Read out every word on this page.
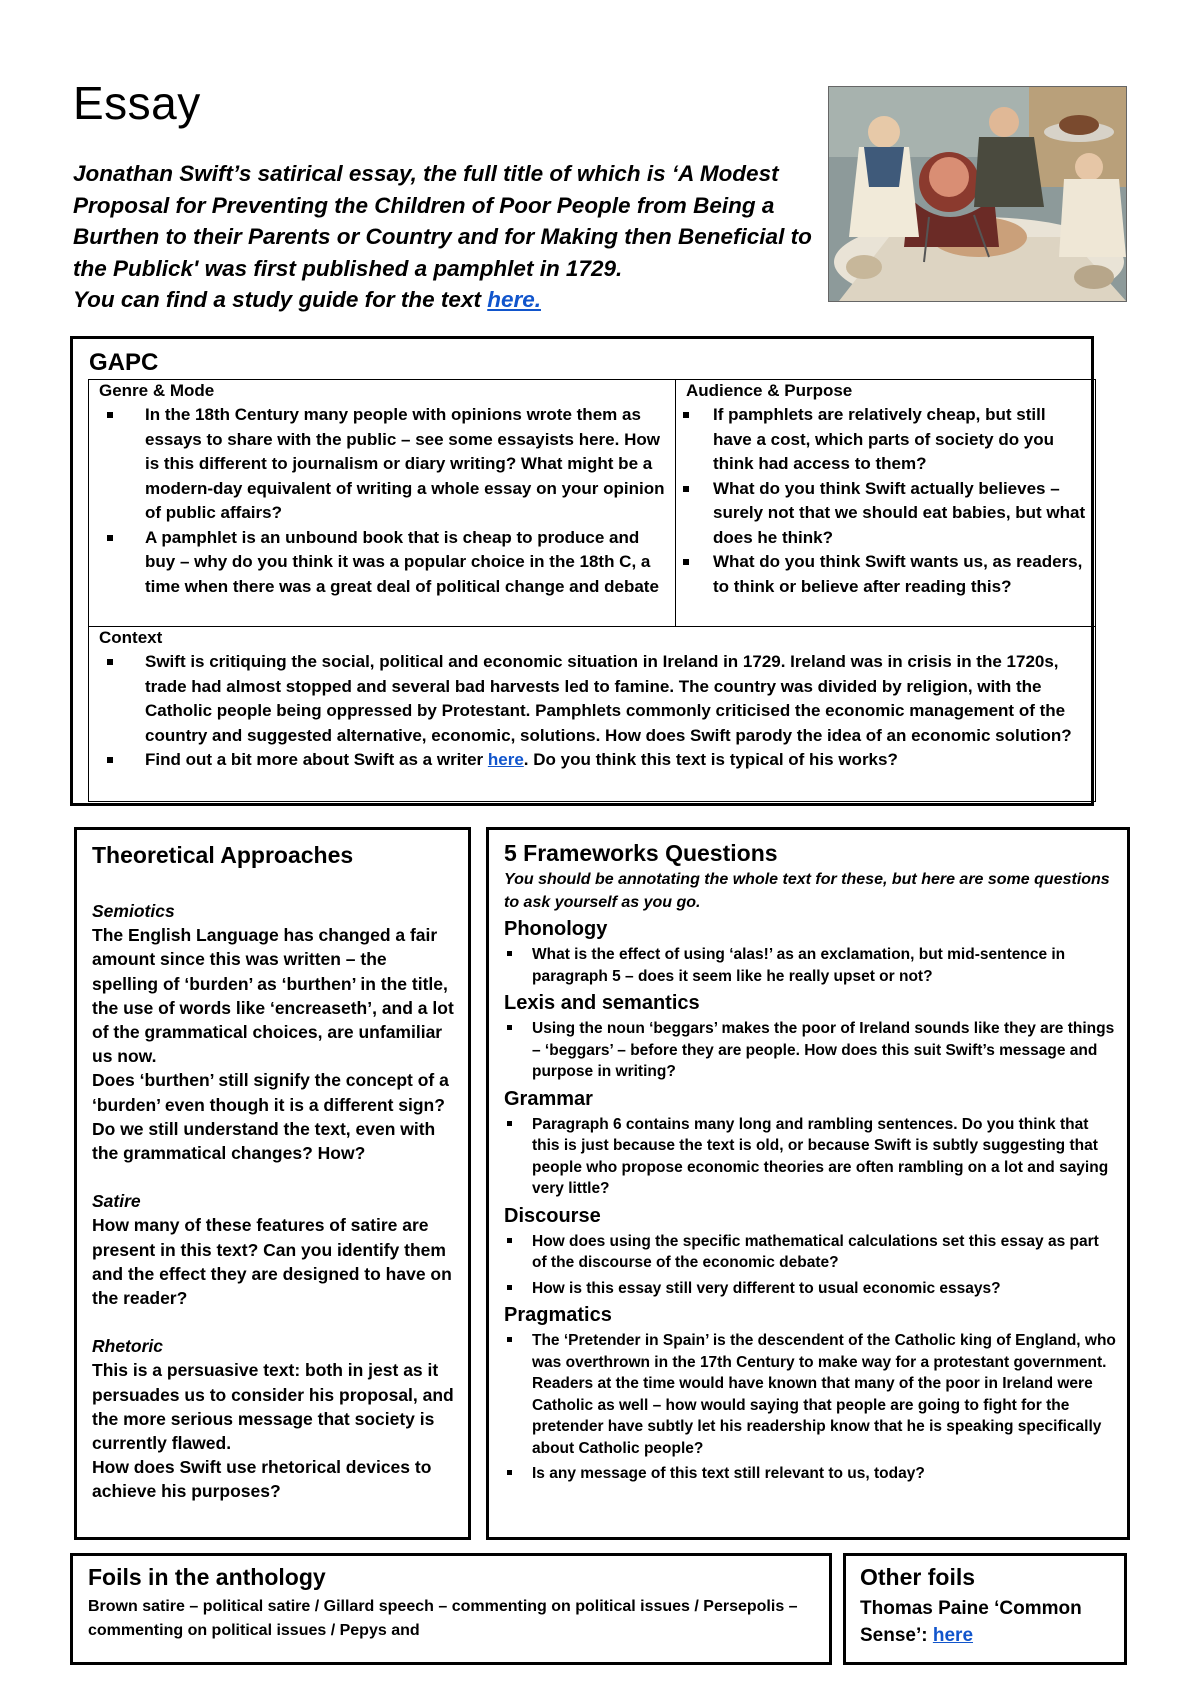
Essay
Jonathan Swift’s satirical essay, the full title of which is ‘A Modest Proposal for Preventing the Children of Poor People from Being a Burthen to their Parents or Country and for Making then Beneficial to the Publick' was first published a pamphlet in 1729.
You can find a study guide for the text here.
GAPC
Genre & Mode
In the 18th Century many people with opinions wrote them as essays to share with the public – see some essayists here. How is this different to journalism or diary writing? What might be a modern-day equivalent of writing a whole essay on your opinion of public affairs?
A pamphlet is an unbound book that is cheap to produce and buy – why do you think it was a popular choice in the 18th C, a time when there was a great deal of political change and debate
Audience & Purpose
If pamphlets are relatively cheap, but still have a cost, which parts of society do you think had access to them?
What do you think Swift actually believes – surely not that we should eat babies, but what does he think?
What do you think Swift wants us, as readers, to think or believe after reading this?
Context
Swift is critiquing the social, political and economic situation in Ireland in 1729. Ireland was in crisis in the 1720s, trade had almost stopped and several bad harvests led to famine. The country was divided by religion, with the Catholic people being oppressed by Protestant. Pamphlets commonly criticised the economic management of the country and suggested alternative, economic, solutions. How does Swift parody the idea of an economic solution?
Find out a bit more about Swift as a writer here. Do you think this text is typical of his works?
Theoretical Approaches

Semiotics

The English Language has changed a fair amount since this was written – the spelling of ‘burden’ as ‘burthen’ in the title, the use of words like ‘encreaseth’, and a lot of the grammatical choices, are unfamiliar us now.

Does ‘burthen’ still signify the concept of a ‘burden’ even though it is a different sign?

Do we still understand the text, even with the grammatical changes? How?

Satire

How many of these features of satire are present in this text? Can you identify them and the effect they are designed to have on the reader?

Rhetoric

This is a persuasive text: both in jest as it persuades us to consider his proposal, and the more serious message that society is currently flawed.

How does Swift use rhetorical devices to achieve his purposes?

5 Frameworks Questions

You should be annotating the whole text for these, but here are some questions to ask yourself as you go.

Phonology
What is the effect of using ‘alas!’ as an exclamation, but mid-sentence in paragraph 5 – does it seem like he really upset or not?
Lexis and semantics
Using the noun ‘beggars’ makes the poor of Ireland sounds like they are things – ‘beggars’ – before they are people. How does this suit Swift’s message and purpose in writing?
Grammar
Paragraph 6 contains many long and rambling sentences. Do you think that this is just because the text is old, or because Swift is subtly suggesting that people who propose economic theories are often rambling on a lot and saying very little?
Discourse
How does using the specific mathematical calculations set this essay as part of the discourse of the economic debate?
How is this essay still very different to usual economic essays?
Pragmatics
The ‘Pretender in Spain’ is the descendent of the Catholic king of England, who was overthrown in the 17th Century to make way for a protestant government. Readers at the time would have known that many of the poor in Ireland were Catholic as well – how would saying that people are going to fight for the pretender have subtly let his readership know that he is speaking specifically about Catholic people?
Is any message of this text still relevant to us, today?
Foils in the anthology

Brown satire – political satire / Gillard speech – commenting on political issues / Persepolis – commenting on political issues / Pepys and

Other foils

Thomas Paine ‘Common Sense’: here
